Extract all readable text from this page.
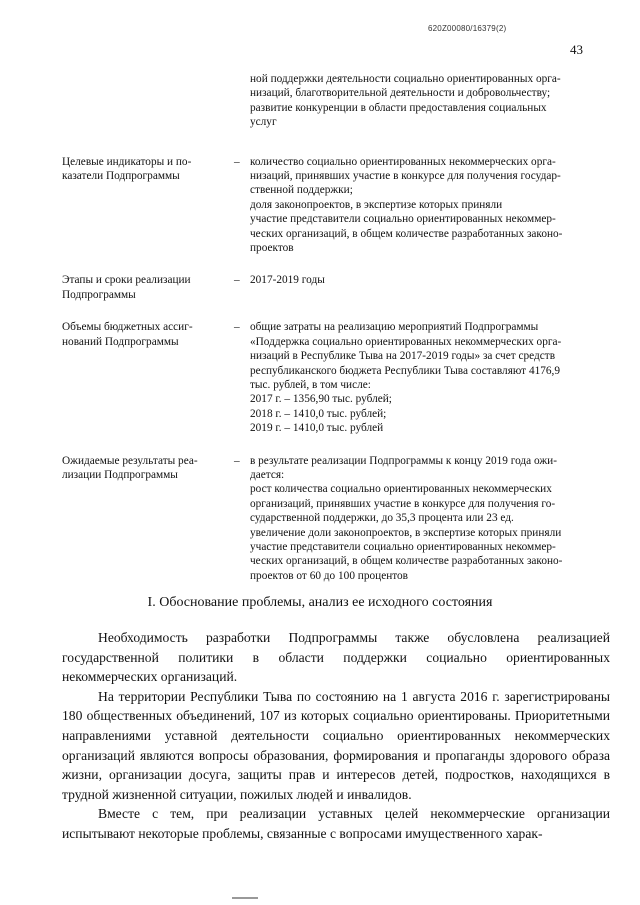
620Z00080/16379(2)
43
ной поддержки деятельности социально ориентированных орга-
низаций, благотворительной деятельности и добровольчеству;
развитие конкуренции в области предоставления социальных
услуг
Целевые индикаторы и по-казатели Подпрограммы
– количество социально ориентированных некоммерческих орга-
низаций, принявших участие в конкурсе для получения государ-
ственной поддержки;
доля законопроектов, в экспертизе которых приняли
участие представители социально ориентированных некоммер-
ческих организаций, в общем количестве разработанных законо-
проектов
Этапы и сроки реализации Подпрограммы
– 2017-2019 годы
Объемы бюджетных ассиг-нований Подпрограммы
– общие затраты на реализацию мероприятий Подпрограммы
«Поддержка социально ориентированных некоммерческих орга-
низаций в Республике Тыва на 2017-2019 годы» за счет средств
республиканского бюджета Республики Тыва составляют 4176,9
тыс. рублей, в том числе:
2017 г. – 1356,90 тыс. рублей;
2018 г. – 1410,0 тыс. рублей;
2019 г. – 1410,0 тыс. рублей
Ожидаемые результаты реа-лизации Подпрограммы
– в результате реализации Подпрограммы к концу 2019 года ожи-
дается:
рост количества социально ориентированных некоммерческих
организаций, принявших участие в конкурсе для получения го-
сударственной поддержки, до 35,3 процента или 23 ед.
увеличение доли законопроектов, в экспертизе которых приняли
участие представители социально ориентированных некоммер-
ческих организаций, в общем количестве разработанных законо-
проектов от 60 до 100 процентов
I. Обоснование проблемы, анализ ее исходного состояния

Необходимость разработки Подпрограммы также обусловлена реализацией государственной политики в области поддержки социально ориентированных некоммерческих организаций.

На территории Республики Тыва по состоянию на 1 августа 2016 г. зарегистрированы 180 общественных объединений, 107 из которых социально ориентированы. Приоритетными направлениями уставной деятельности социально ориентированных некоммерческих организаций являются вопросы образования, формирования и пропаганды здорового образа жизни, организации досуга, защиты прав и интересов детей, подростков, находящихся в трудной жизненной ситуации, пожилых людей и инвалидов.

Вместе с тем, при реализации уставных целей некоммерческие организации испытывают некоторые проблемы, связанные с вопросами имущественного харак-
